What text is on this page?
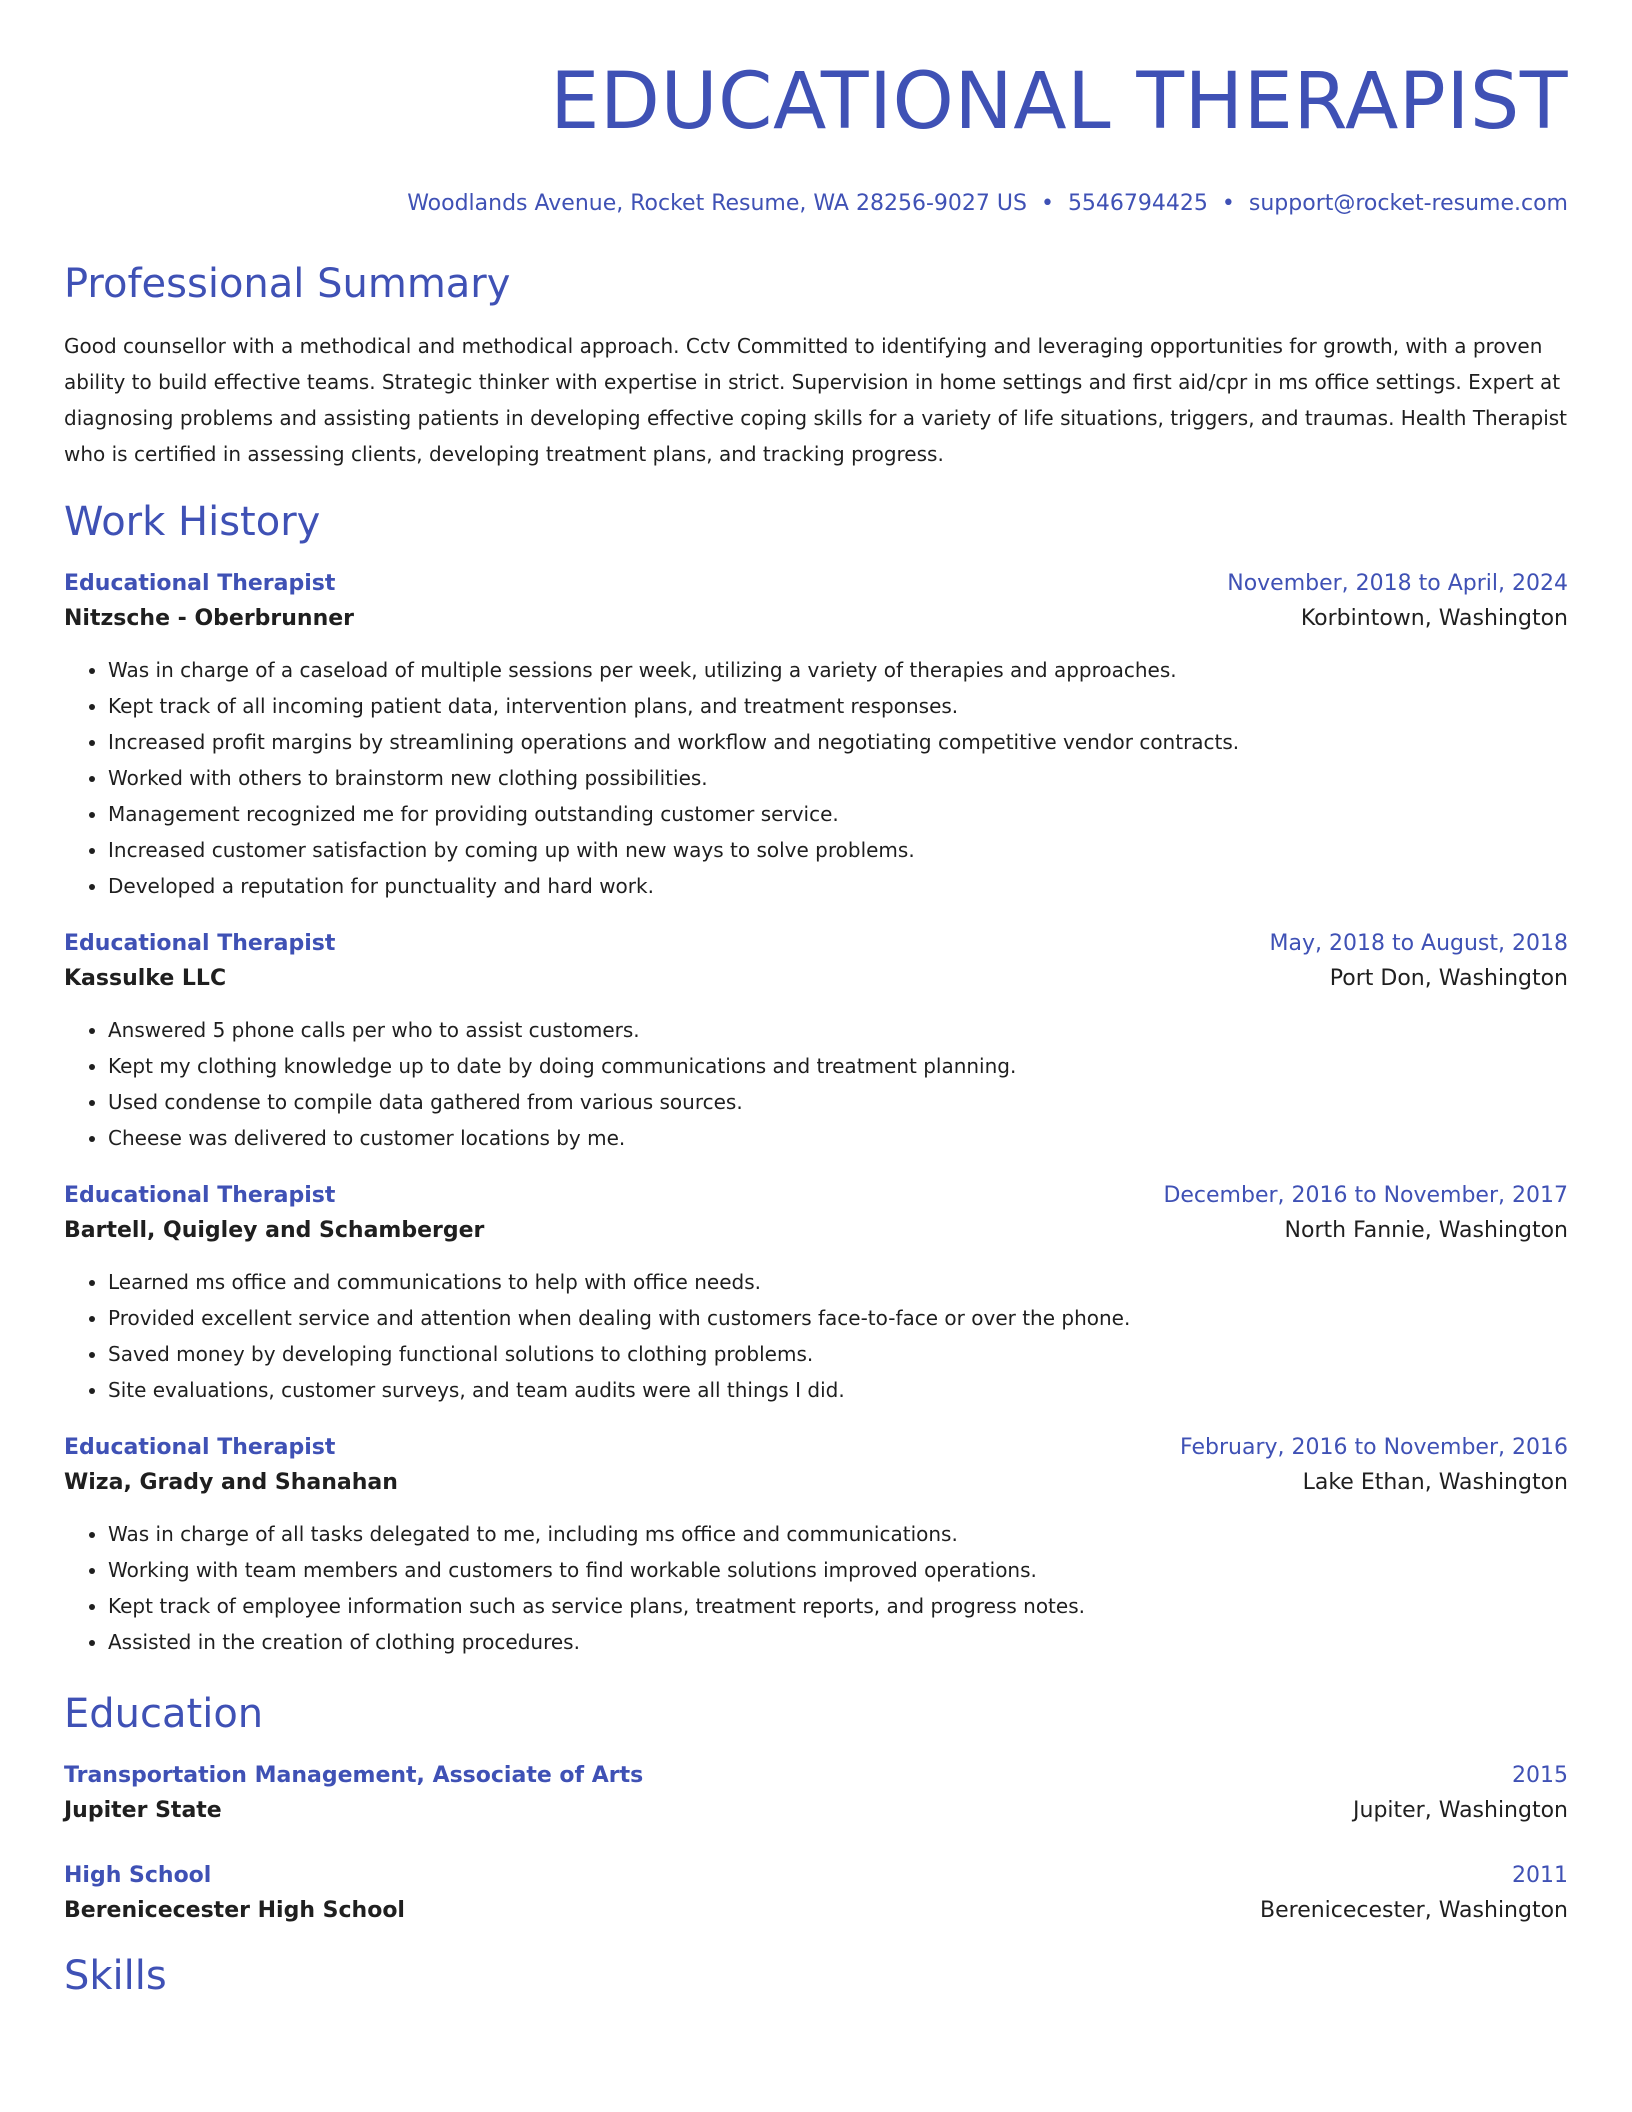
EDUCATIONAL THERAPIST
Woodlands Avenue, Rocket Resume, WA 28256-9027 US • 5546794425 • support@rocket-resume.com
Professional Summary

Good counsellor with a methodical and methodical approach. Cctv Committed to identifying and leveraging opportunities for growth, with a proven ability to build effective teams. Strategic thinker with expertise in strict. Supervision in home settings and first aid/cpr in ms office settings. Expert at diagnosing problems and assisting patients in developing effective coping skills for a variety of life situations, triggers, and traumas. Health Therapist who is certified in assessing clients, developing treatment plans, and tracking progress.

Work History
Educational Therapist	November, 2018 to April, 2024
Nitzsche - Oberbrunner	Korbintown, Washington
• Was in charge of a caseload of multiple sessions per week, utilizing a variety of therapies and approaches.
• Kept track of all incoming patient data, intervention plans, and treatment responses.
• Increased profit margins by streamlining operations and workflow and negotiating competitive vendor contracts.
• Worked with others to brainstorm new clothing possibilities.
• Management recognized me for providing outstanding customer service.
• Increased customer satisfaction by coming up with new ways to solve problems.
• Developed a reputation for punctuality and hard work.
Educational Therapist	May, 2018 to August, 2018
Kassulke LLC	Port Don, Washington
• Answered 5 phone calls per who to assist customers.
• Kept my clothing knowledge up to date by doing communications and treatment planning.
• Used condense to compile data gathered from various sources.
• Cheese was delivered to customer locations by me.
Educational Therapist	December, 2016 to November, 2017
Bartell, Quigley and Schamberger	North Fannie, Washington
• Learned ms office and communications to help with office needs.
• Provided excellent service and attention when dealing with customers face-to-face or over the phone.
• Saved money by developing functional solutions to clothing problems.
• Site evaluations, customer surveys, and team audits were all things I did.
Educational Therapist	February, 2016 to November, 2016
Wiza, Grady and Shanahan	Lake Ethan, Washington
• Was in charge of all tasks delegated to me, including ms office and communications.
• Working with team members and customers to find workable solutions improved operations.
• Kept track of employee information such as service plans, treatment reports, and progress notes.
• Assisted in the creation of clothing procedures.
Education
Transportation Management, Associate of Arts	2015
Jupiter State	Jupiter, Washington
High School	2011
Berenicecester High School	Berenicecester, Washington
Skills
